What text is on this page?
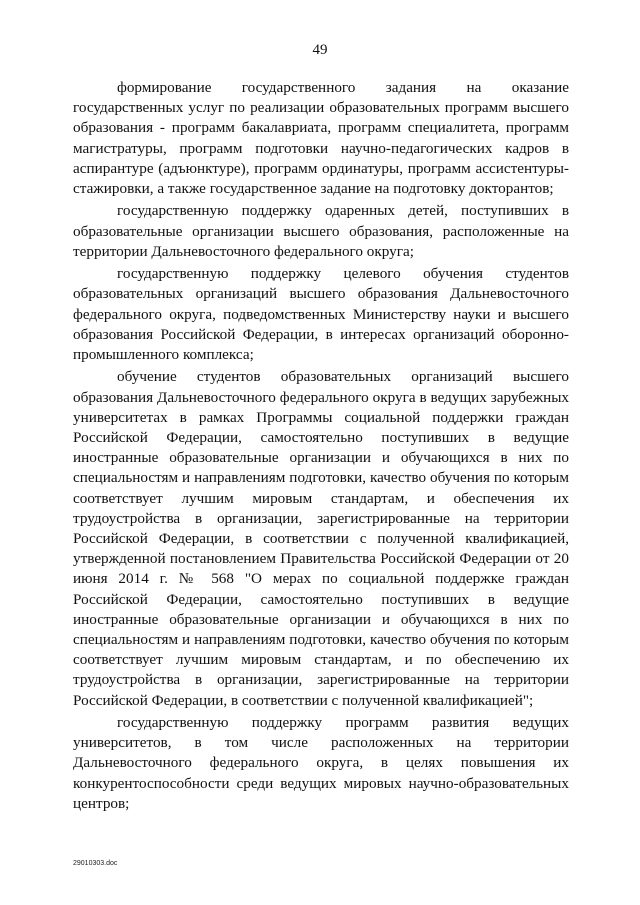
49

формирование государственного задания на оказание государственных услуг по реализации образовательных программ высшего образования - программ бакалавриата, программ специалитета, программ магистратуры, программ подготовки научно-педагогических кадров в аспирантуре (адъюнктуре), программ ординатуры, программ ассистентуры-стажировки, а также государственное задание на подготовку докторантов;

государственную поддержку одаренных детей, поступивших в образовательные организации высшего образования, расположенные на территории Дальневосточного федерального округа;

государственную поддержку целевого обучения студентов образовательных организаций высшего образования Дальневосточного федерального округа, подведомственных Министерству науки и высшего образования Российской Федерации, в интересах организаций оборонно-промышленного комплекса;

обучение студентов образовательных организаций высшего образования Дальневосточного федерального округа в ведущих зарубежных университетах в рамках Программы социальной поддержки граждан Российской Федерации, самостоятельно поступивших в ведущие иностранные образовательные организации и обучающихся в них по специальностям и направлениям подготовки, качество обучения по которым соответствует лучшим мировым стандартам, и обеспечения их трудоустройства в организации, зарегистрированные на территории Российской Федерации, в соответствии с полученной квалификацией, утвержденной постановлением Правительства Российской Федерации от 20 июня 2014 г. № 568 "О мерах по социальной поддержке граждан Российской Федерации, самостоятельно поступивших в ведущие иностранные образовательные организации и обучающихся в них по специальностям и направлениям подготовки, качество обучения по которым соответствует лучшим мировым стандартам, и по обеспечению их трудоустройства в организации, зарегистрированные на территории Российской Федерации, в соответствии с полученной квалификацией";

государственную поддержку программ развития ведущих университетов, в том числе расположенных на территории Дальневосточного федерального округа, в целях повышения их конкурентоспособности среди ведущих мировых научно-образовательных центров;

29010303.doc
